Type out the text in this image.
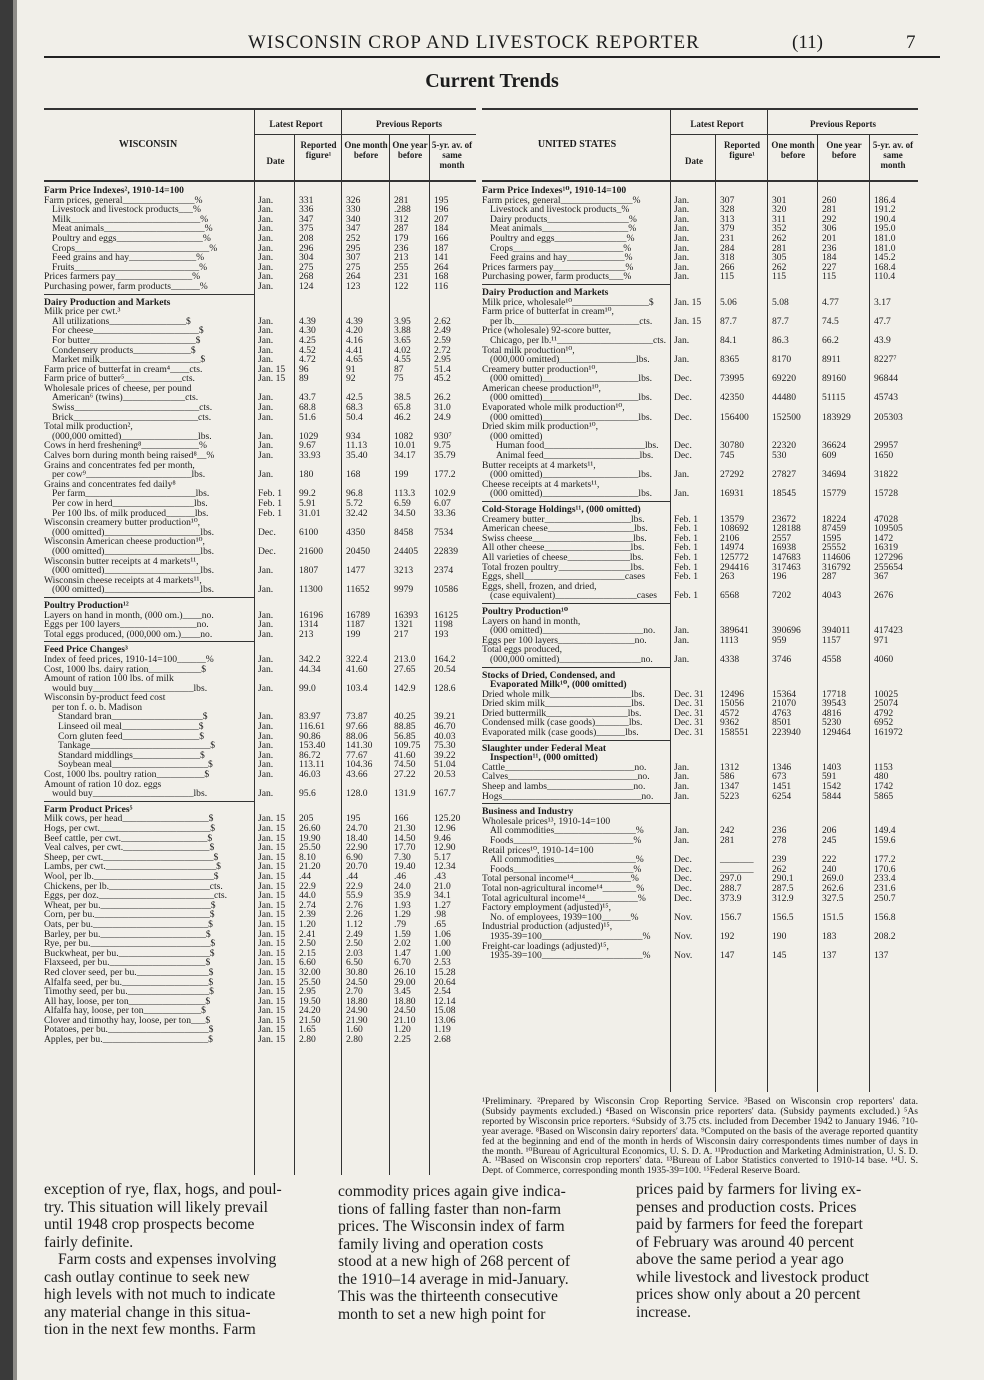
WISCONSIN CROP AND LIVESTOCK REPORTER	(11)	7
Current Trends
WISCONSIN
Latest Report	Previous Reports
Date
Reported figure¹
One month before
One year before
5-yr. av. of same month
Farm Price Indexes², 1910-14=100
Farm prices, general_______________%	Jan.	331	326	281	195
Livestock and livestock products___%	Jan.	336	330	.288 196
Milk___________________________%	Jan.	347	340	312	207
Meat animals_____________________%	Jan.	375	347	287	184
Poultry and eggs__________________%	Jan.	208	252	179	166
Crops____________________________%	Jan.	296	295	236	187
Feed grains and hay______________%	Jan.	304	307	213	141
Fruits__________________________%	Jan.	275	275	255	264
Prices farmers pay________________%	Jan.	268	264	231	168
Purchasing power, farm products______%	Jan.	124	123	122	116
Dairy Production and Markets
Milk price per cwt.³
All utilizations________________$	Jan.	4.39	4.39	3.95 2.62
For cheese______________________$	Jan.	4.30	4.20	3.88 2.49
For butter______________________$	Jan.	4.25	4.16	3.65 2.59
Condensery products____________$	Jan.	4.52	4.41	4.02 2.72
Market milk_____________________$	Jan.	4.72	4.65	4.55 2.95
Farm price of butterfat in cream⁴____cts.	Jan. 15 96	91	87	51.4
Farm price of butter⁵____________cts.	Jan. 15 89	92	75	45.2
Wholesale prices of cheese, per pound
American⁶ (twins)_____________cts.	Jan.	43.7	42.5	38.5 26.2
Swiss__________________________cts.	Jan.	68.8	68.3	65.8 31.0
Brick__________________________cts.	Jan.	51.6	50.4	46.2 24.9
Total milk production²,
(000,000 omitted)________________lbs.	Jan.	1029	934	1082 930⁷
Cows in herd freshening⁸____________%	Jan.	9.67	11.13	10.01 9.75
Calves born during month being raised⁸__%	Jan.	33.93	35.40	34.17 35.79
Grains and concentrates fed per month,
per cow⁹______________________lbs.	Jan.	180	168	199	177.2
Grains and concentrates fed daily⁸
Per farm_______________________lbs.	Feb. 1 99.2	96.8	113.3 102.9
Per cow in herd_________________lbs.	Feb. 1 5.91	5.72	6.59 6.07
Per 100 lbs. of milk produced______lbs.	Feb. 1 31.01	32.42	34.50 33.36
Wisconsin creamery butter production¹⁰,
(000 omitted)____________________lbs.	Dec. 6100	4350	8458 7534
Wisconsin American cheese production¹⁰,
(000 omitted)____________________lbs.	Dec. 21600 20450	24405 22839
Wisconsin butter receipts at 4 markets¹¹,
(000 omitted)____________________lbs.	Jan.	1807	1477	3213 2374
Wisconsin cheese receipts at 4 markets¹¹,
(000 omitted)____________________lbs.	Jan.	11300 11652	9979 10586
Poultry Production¹²
Layers on hand in month, (000 om.)____no.	Jan.	16196 16789	16393 16125
Eggs per 100 layers________________no.	Jan.	1314	1187	1321 1198
Total eggs produced, (000,000 om.)____no.	Jan.	213	199	217	193
Feed Price Changes³
Index of feed prices, 1910-14=100______%	Jan.	342.2	322.4	213.0 164.2
Cost, 1000 lbs. dairy ration___________$	Jan.	44.34	41.60	27.65 20.54
Amount of ration 100 lbs. of milk
would buy_____________________lbs.	Jan.	99.0	103.4	142.9 128.6
Wisconsin by-product feed cost
per ton f. o. b. Madison
Standard bran___________________$	Jan.	83.97	73.87	40.25 39.21
Linseed oil meal________________$	Jan.	116.61 97.66	88.85 46.70
Corn gluten feed________________$	Jan.	90.86	88.06	56.85 40.03
Tankage_________________________$	Jan.	153.40 141.30 109.75 75.30
Standard middlings______________$	Jan.	86.72	77.67	41.60 39.22
Soybean meal____________________$	Jan.	113.11 104.36 74.50 51.04
Cost, 1000 lbs. poultry ration__________$	Jan.	46.03	43.66	27.22 20.53
Amount of ration 10 doz. eggs
would buy_____________________lbs.	Jan.	95.6	128.0	131.9 167.7
Farm Product Prices⁵
Milk cows, per head__________________$	Jan. 15 205	195	166	125.20
Hogs, per cwt._______________________$	Jan. 15 26.60	24.70	21.30 12.96
Beef cattle, per cwt.__________________$	Jan. 15 19.90	18.40	14.50 9.46
Veal calves, per cwt.__________________$	Jan. 15 25.50	22.90	17.70 12.90
Sheep, per cwt._______________________$	Jan. 15 8.10	6.90	7.30 5.17
Lambs, per cwt._______________________$	Jan. 15 21.20	20.70	19.40 12.34
Wool, per lb._________________________$	Jan. 15 .44	.44	.46	.43
Chickens, per lb._____________________cts.	Jan. 15 22.9	22.9	24.0 21.0
Eggs, per doz.________________________cts.	Jan. 15 44.0	55.9	35.9 34.1
Wheat, per bu._______________________$	Jan. 15 2.74	2.76	1.93 1.27
Corn, per bu.________________________$	Jan. 15 2.39	2.26	1.29 .98
Oats, per bu.________________________$	Jan. 15 1.20	1.12	.79	.65
Barley, per bu.______________________$	Jan. 15 2.41	2.49	1.59 1.06
Rye, per bu._________________________$	Jan. 15 2.50	2.50	2.02 1.00
Buckwheat, per bu.___________________$	Jan. 15 2.15	2.03	1.47 1.00
Flaxseed, per bu.____________________$	Jan. 15 6.60	6.50	6.70 2.53
Red clover seed, per bu._______________$	Jan. 15 32.00	30.80	26.10 15.28
Alfalfa seed, per bu.__________________$	Jan. 15 25.50	24.50	29.00 20.64
Timothy seed, per bu._________________$	Jan. 15 2.95	2.70	3.45 2.54
All hay, loose, per ton________________$	Jan. 15 19.50	18.80	18.80 12.14
Alfalfa hay, loose, per ton____________$	Jan. 15 24.20	24.90	24.50 15.08
Clover and timothy hay, loose, per ton___$	Jan. 15 21.50	21.90	21.10 13.06
Potatoes, per bu._____________________$	Jan. 15 1.65	1.60	1.20 1.19
Apples, per bu.______________________$	Jan. 15 2.80	2.80	2.25 2.68
UNITED STATES
Latest Report	Previous Reports
Date
Reported figure¹
One month before
One year before
5-yr. av. of same month
Farm Price Indexes¹⁰, 1910-14=100
Farm prices, general_______________%	Jan.	307	301	260	186.4
Livestock and livestock products_%	Jan.	328	320	281	191.2
Dairy products_________________%	Jan.	313	311	292	190.4
Meat animals__________________%	Jan.	379	352	306	195.0
Poultry and eggs_______________%	Jan.	231	262	201	181.0
Crops_______________________%	Jan.	284	281	236	181.0
Feed grains and hay____________%	Jan.	318	305	184	145.2
Prices farmers pay_______________%	Jan.	266	262	227	168.4
Purchasing power, farm products___%	Jan.	115	115	115	110.4
Dairy Production and Markets
Milk price, wholesale¹⁰________________$	Jan. 15 5.06	5.08	4.77	3.17
Farm price of butterfat in cream¹⁰,
per lb.__________________________cts.	Jan. 15 87.7	87.7	74.5	47.7
Price (wholesale) 92-score butter,
Chicago, per lb.¹¹____________________cts. Jan.	84.1	86.3	66.2	43.9
Total milk production¹⁰,
(000,000 omitted)________________lbs.	Jan.	8365	8170	8911	8227⁷
Creamery butter production¹⁰,
(000 omitted)____________________lbs.	Dec.	73995	69220	89160	96844
American cheese production¹⁰,
(000 omitted)____________________lbs.	Dec.	42350	44480	51115	45743
Evaporated whole milk production¹⁰,
(000 omitted)____________________lbs.	Dec.	156400 152500 183929 205303
Dried skim milk production¹⁰,
(000 omitted)
Human food_____________________lbs.	Dec.	30780	22320	36624	29957
Animal feed____________________lbs.	Dec.	745	530	609	1650
Butter receipts at 4 markets¹¹,
(000 omitted)____________________lbs.	Jan.	27292	27827	34694	31822
Cheese receipts at 4 markets¹¹,
(000 omitted)____________________lbs.	Jan.	16931	18545	15779	15728
Cold-Storage Holdings¹¹, (000 omitted)
Creamery butter__________________lbs.	Feb. 1 13579	23672	18224	47028
American cheese__________________lbs.	Feb. 1 108692 128188 87459	109505
Swiss cheese_____________________lbs.	Feb. 1 2106	2557	1595	1472
All other cheese__________________lbs.	Feb. 1 14974	16938	25552	16319
All varieties of cheese_____________lbs.	Feb. 1 125772 147683 114606 127296
Total frozen poultry_______________lbs.	Feb. 1 294416 317463 316792 255654
Eggs, shell_____________________cases	Feb. 1 263	196	287	367
Eggs, shell, frozen, and dried,
(case equivalent)_________________cases	Feb. 1 6568	7202	4043	2676
Poultry Production¹⁰
Layers on hand in month,
(000 omitted)_____________________no.	Jan.	389641 390696 394011 417423
Eggs per 100 layers________________no.	Jan.	1113	959	1157	971
Total eggs produced,
(000,000 omitted)_________________no.	Jan.	4338	3746	4558	4060
Stocks of Dried, Condensed, and
Evaporated Milk¹⁰, (000 omitted)
Dried whole milk_________________lbs.	Dec. 31 12496	15364	17718	10025
Dried skim milk__________________lbs.	Dec. 31 15056	21070	39543	25074
Dried buttermilk_________________lbs.	Dec. 31 4572	4763	4816	4792
Condensed milk (case goods)_______lbs.	Dec. 31 9362	8501	5230	6952
Evaporated milk (case goods)______lbs.	Dec. 31 158551 223940 129464 161972
Slaughter under Federal Meat
Inspection¹¹, (000 omitted)
Cattle___________________________no.	Jan.	1312	1346	1403	1153
Calves___________________________no.	Jan.	586	673	591	480
Sheep and lambs__________________no.	Jan.	1347	1451	1542	1742
Hogs_____________________________no.	Jan.	5223	6254	5844	5865
Business and Industry
Wholesale prices¹³, 1910-14=100
All commodities_________________%	Jan.	242	236	206	149.4
Foods_________________________%	Jan.	281	278	245	159.6
Retail prices¹⁰, 1910-14=100
All commodities_________________%	Dec.	_______ 239	222	177.2
Foods_________________________%	Dec.	_______ 262	240	170.6
Total personal income¹⁴____________%	Dec.	297.0	290.1	269.0	233.4
Total non-agricultural income¹⁴_______%	Dec.	288.7	287.5	262.6	231.6
Total agricultural income¹⁴___________%	Dec.	373.9	312.9	327.5	250.7
Factory employment (adjusted)¹⁵,
No. of employees, 1939=100______%	Nov.	156.7	156.5	151.5	156.8
Industrial production (adjusted)¹⁵,
1935-39=100_____________________%	Nov.	192	190	183	208.2
Freight-car loadings (adjusted)¹⁵,
1935-39=100_____________________%	Nov.	147	145	137	137
¹Preliminary. ²Prepared by Wisconsin Crop Reporting Service. ³Based on Wisconsin crop reporters' data. (Subsidy payments excluded.) ⁴Based on Wisconsin price reporters' data. (Subsidy payments excluded.) ⁵As reported by Wisconsin price reporters. ⁶Subsidy of 3.75 cts. included from December 1942 to January 1946. ⁷10-year average. ⁸Based on Wisconsin dairy reporters' data. ⁹Computed on the basis of the average reported quantity fed at the beginning and end of the month in herds of Wisconsin dairy correspondents times number of days in the month. ¹⁰Bureau of Agricultural Economics, U. S. D. A. ¹¹Production and Marketing Administration, U. S. D. A. ¹²Based on Wisconsin crop reporters' data. ¹³Bureau of Labor Statistics converted to 1910-14 base. ¹⁴U. S. Dept. of Commerce, corresponding month 1935-39=100. ¹⁵Federal Reserve Board.
exception of rye, flax, hogs, and poul-
try. This situation will likely prevail
until 1948 crop prospects become
fairly definite.
Farm costs and expenses involving
cash outlay continue to seek new
high levels with not much to indicate
any material change in this situa-
tion in the next few months. Farm
commodity prices again give indica-
tions of falling faster than non-farm
prices. The Wisconsin index of farm
family living and operation costs
stood at a new high of 268 percent of
the 1910–14 average in mid-January.
This was the thirteenth consecutive
month to set a new high point for
prices paid by farmers for living ex-
penses and production costs. Prices
paid by farmers for feed the forepart
of February was around 40 percent
above the same period a year ago
while livestock and livestock product
prices show only about a 20 percent
increase.
